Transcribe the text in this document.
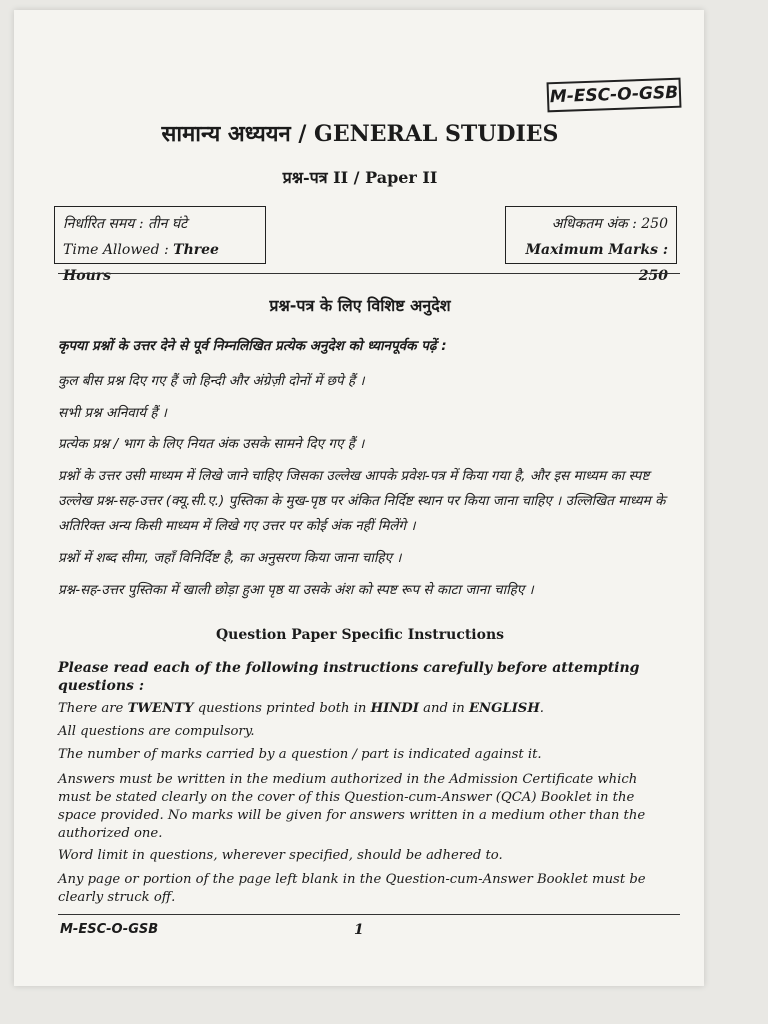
M-ESC-O-GSB
सामान्य अध्ययन / GENERAL STUDIES
प्रश्न-पत्र II / Paper II
निर्धारित समय : तीन घंटे
Time Allowed : Three Hours
अधिकतम अंक : 250
Maximum Marks : 250
प्रश्न-पत्र के लिए विशिष्ट अनुदेश
कृपया प्रश्नों के उत्तर देने से पूर्व निम्नलिखित प्रत्येक अनुदेश को ध्यानपूर्वक पढ़ें :
कुल बीस प्रश्न दिए गए हैं जो हिन्दी और अंग्रेज़ी दोनों में छपे हैं ।
सभी प्रश्न अनिवार्य हैं ।
प्रत्येक प्रश्न / भाग के लिए नियत अंक उसके सामने दिए गए हैं ।
प्रश्नों के उत्तर उसी माध्यम में लिखे जाने चाहिए जिसका उल्लेख आपके प्रवेश-पत्र में किया गया है, और इस माध्यम का स्पष्ट उल्लेख प्रश्न-सह-उत्तर (क्यू.सी.ए.) पुस्तिका के मुख-पृष्ठ पर अंकित निर्दिष्ट स्थान पर किया जाना चाहिए । उल्लिखित माध्यम के अतिरिक्त अन्य किसी माध्यम में लिखे गए उत्तर पर कोई अंक नहीं मिलेंगे ।
प्रश्नों में शब्द सीमा, जहाँ विनिर्दिष्ट है, का अनुसरण किया जाना चाहिए ।
प्रश्न-सह-उत्तर पुस्तिका में खाली छोड़ा हुआ पृष्ठ या उसके अंश को स्पष्ट रूप से काटा जाना चाहिए ।
Question Paper Specific Instructions
Please read each of the following instructions carefully before attempting questions :
There are TWENTY questions printed both in HINDI and in ENGLISH.
All questions are compulsory.
The number of marks carried by a question / part is indicated against it.
Answers must be written in the medium authorized in the Admission Certificate which must be stated clearly on the cover of this Question-cum-Answer (QCA) Booklet in the space provided. No marks will be given for answers written in a medium other than the authorized one.
Word limit in questions, wherever specified, should be adhered to.
Any page or portion of the page left blank in the Question-cum-Answer Booklet must be clearly struck off.
M-ESC-O-GSB	1
